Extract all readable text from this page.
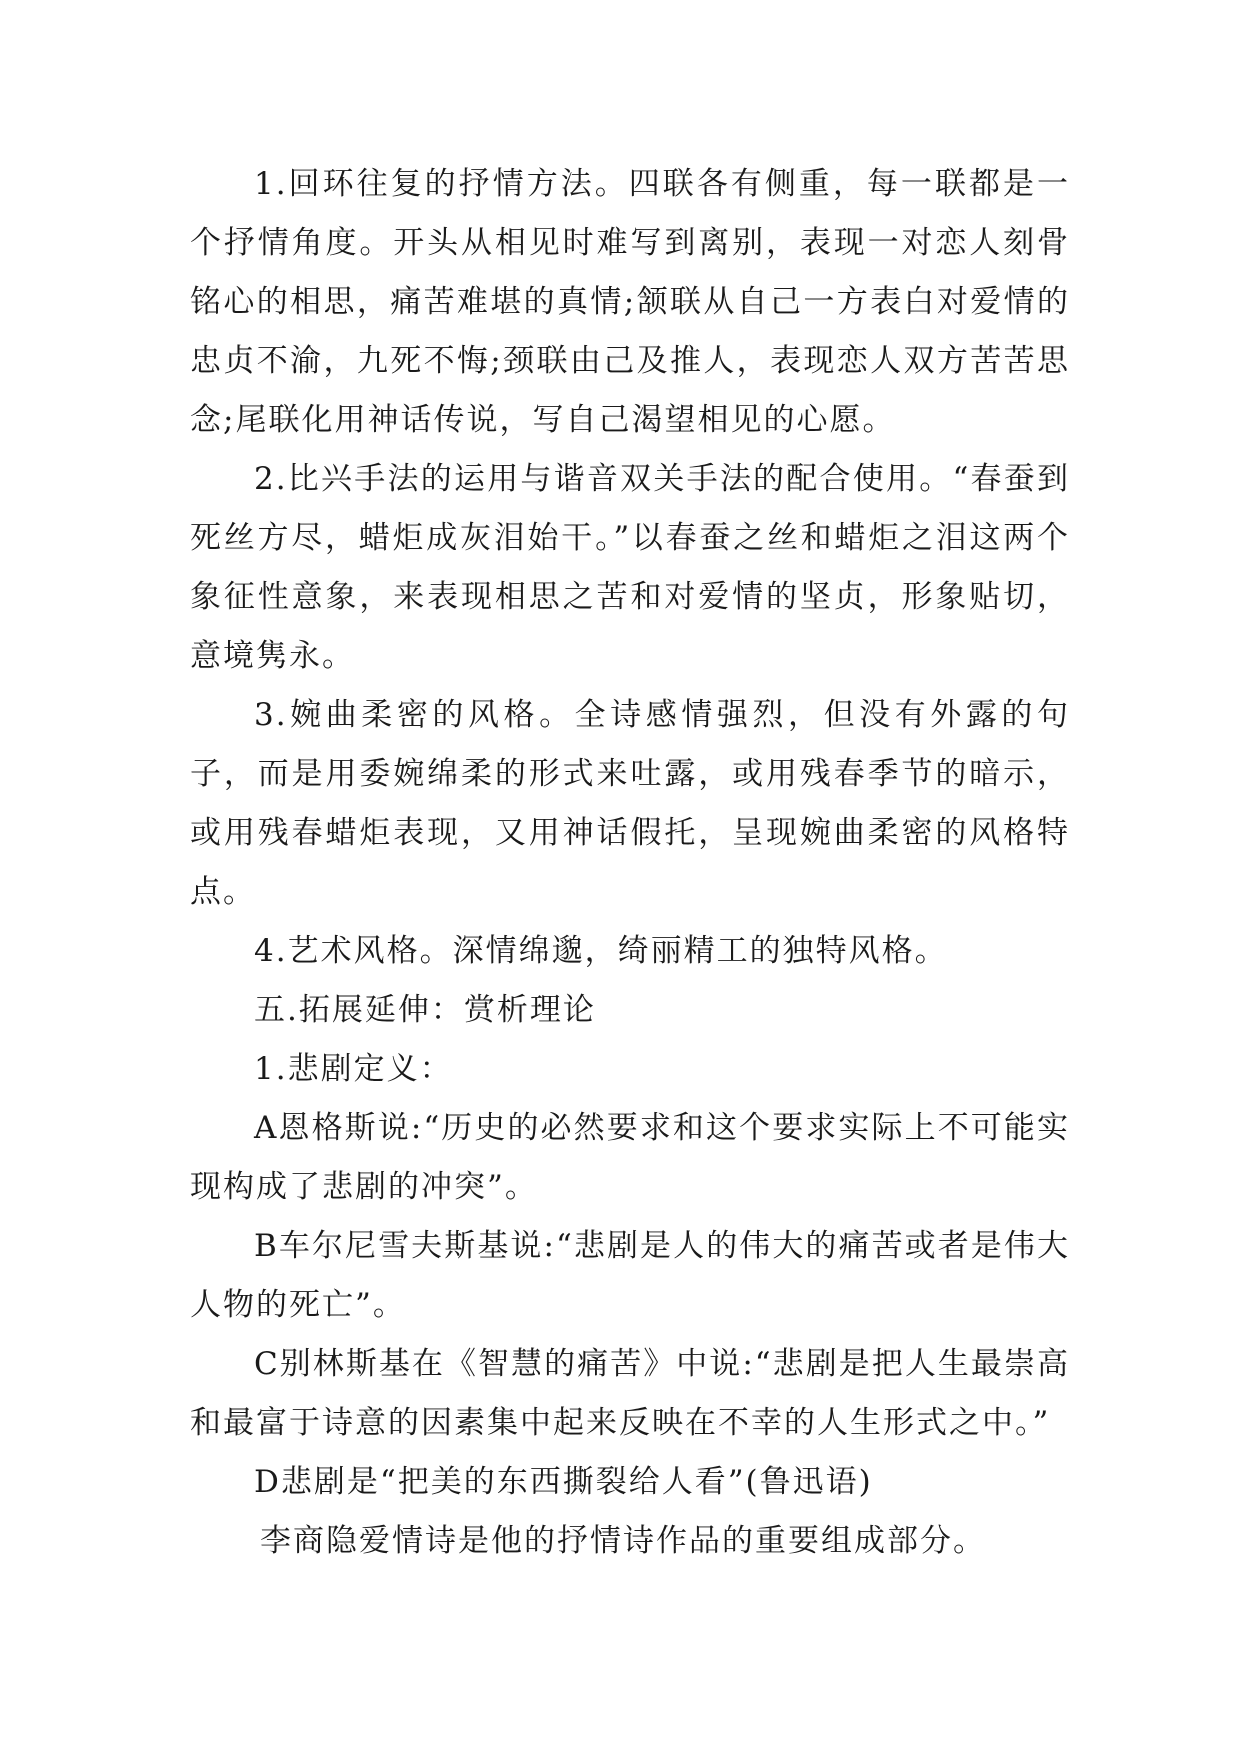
1.回环往复的抒情方法。四联各有侧重，每一联都是一个抒情角度。开头从相见时难写到离别，表现一对恋人刻骨铭心的相思，痛苦难堪的真情;颔联从自己一方表白对爱情的忠贞不渝，九死不悔;颈联由己及推人，表现恋人双方苦苦思念;尾联化用神话传说，写自己渴望相见的心愿。

2.比兴手法的运用与谐音双关手法的配合使用。“春蚕到死丝方尽，蜡炬成灰泪始干。”以春蚕之丝和蜡炬之泪这两个象征性意象，来表现相思之苦和对爱情的坚贞，形象贴切，意境隽永。

3.婉曲柔密的风格。全诗感情强烈，但没有外露的句子，而是用委婉绵柔的形式来吐露，或用残春季节的暗示，或用残春蜡炬表现，又用神话假托，呈现婉曲柔密的风格特点。

4.艺术风格。深情绵邈，绮丽精工的独特风格。

五.拓展延伸：赏析理论

1.悲剧定义：

A恩格斯说:“历史的必然要求和这个要求实际上不可能实现构成了悲剧的冲突”。

B车尔尼雪夫斯基说:“悲剧是人的伟大的痛苦或者是伟大人物的死亡”。

C别林斯基在《智慧的痛苦》中说:“悲剧是把人生最崇高和最富于诗意的因素集中起来反映在不幸的人生形式之中。”

D悲剧是“把美的东西撕裂给人看”(鲁迅语)

李商隐爱情诗是他的抒情诗作品的重要组成部分。
